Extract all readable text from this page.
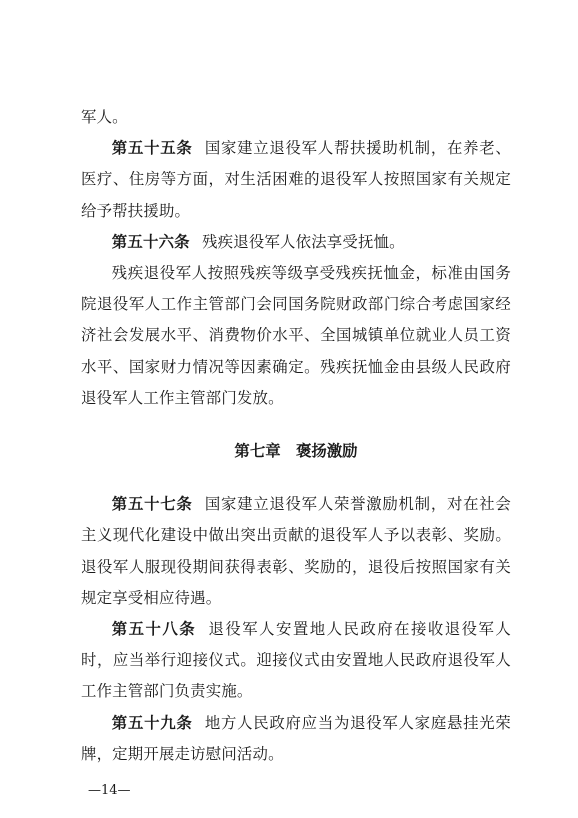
军人。

第五十五条 国家建立退役军人帮扶援助机制，在养老、医疗、住房等方面，对生活困难的退役军人按照国家有关规定给予帮扶援助。

第五十六条 残疾退役军人依法享受抚恤。

残疾退役军人按照残疾等级享受残疾抚恤金，标准由国务院退役军人工作主管部门会同国务院财政部门综合考虑国家经济社会发展水平、消费物价水平、全国城镇单位就业人员工资水平、国家财力情况等因素确定。残疾抚恤金由县级人民政府退役军人工作主管部门发放。

第七章 褒扬激励

第五十七条 国家建立退役军人荣誉激励机制，对在社会主义现代化建设中做出突出贡献的退役军人予以表彰、奖励。退役军人服现役期间获得表彰、奖励的，退役后按照国家有关规定享受相应待遇。

第五十八条 退役军人安置地人民政府在接收退役军人时，应当举行迎接仪式。迎接仪式由安置地人民政府退役军人工作主管部门负责实施。

第五十九条 地方人民政府应当为退役军人家庭悬挂光荣牌，定期开展走访慰问活动。

—14—
